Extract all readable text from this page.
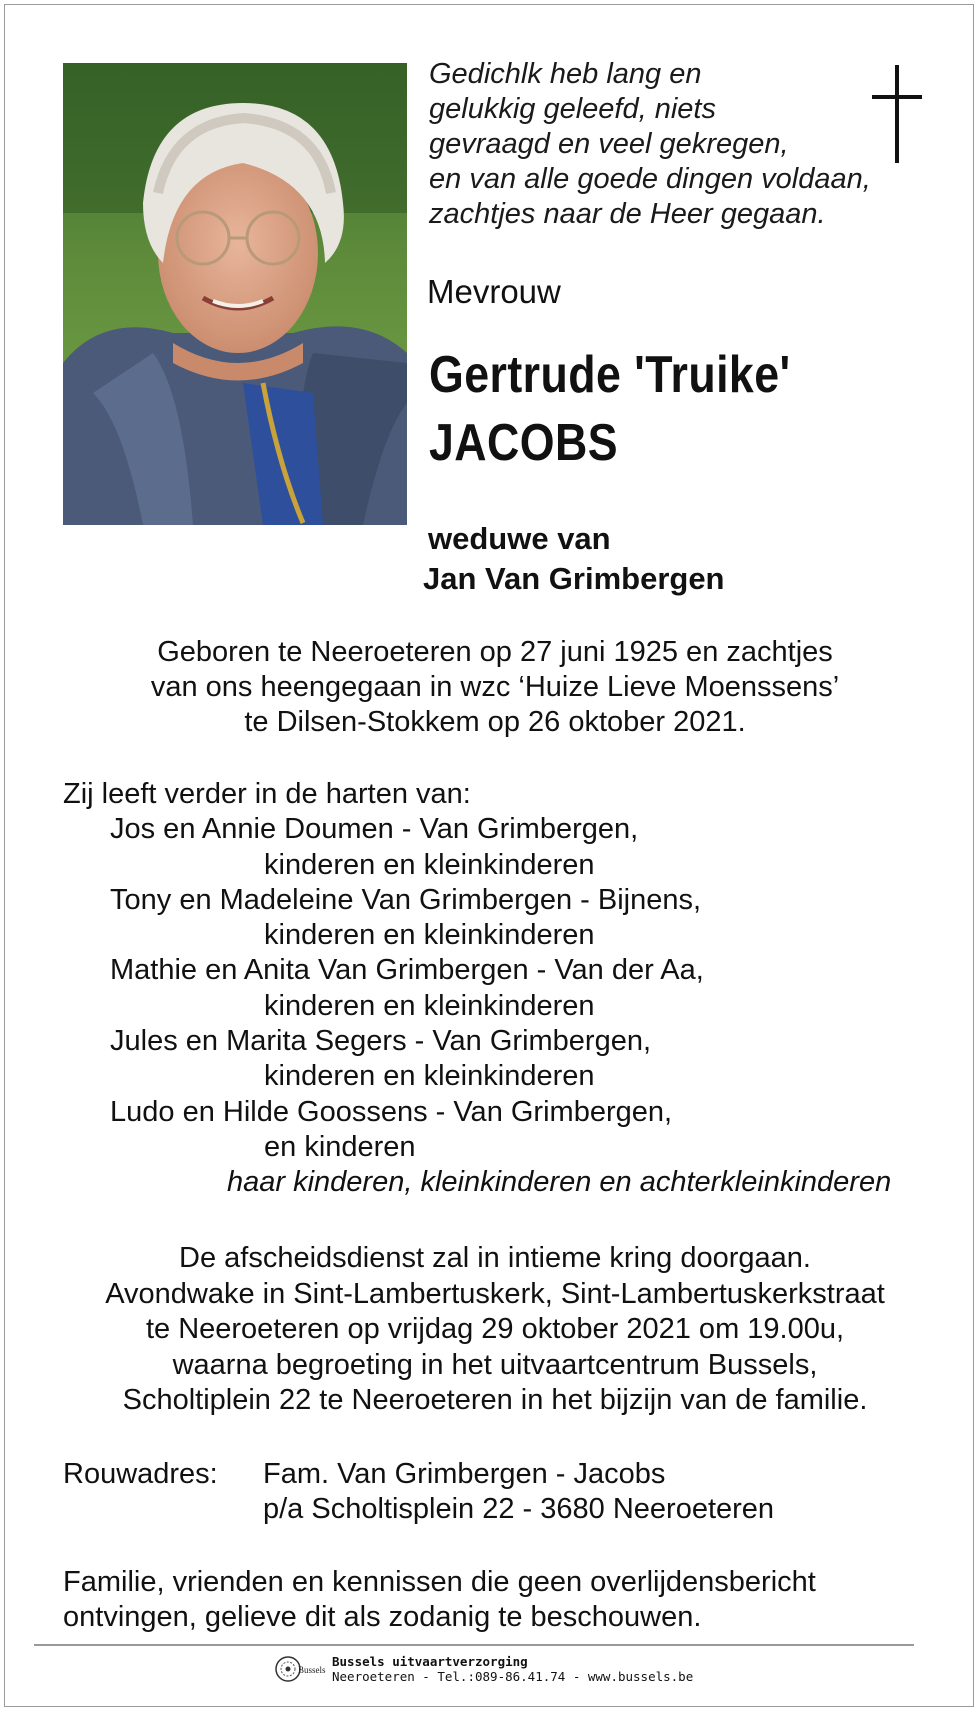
Gedichlk heb lang en
gelukkig geleefd, niets
gevraagd en veel gekregen,
en van alle goede dingen voldaan,
zachtjes naar de Heer gegaan.
Mevrouw
Gertrude 'Truike'
JACOBS
weduwe van
Jan Van Grimbergen
Geboren te Neeroeteren op 27 juni 1925 en zachtjes
van ons heengegaan in wzc ‘Huize Lieve Moenssens’
te Dilsen-Stokkem op 26 oktober 2021.
Zij leeft verder in de harten van:
Jos en Annie Doumen - Van Grimbergen,
kinderen en kleinkinderen
Tony en Madeleine Van Grimbergen - Bijnens,
kinderen en kleinkinderen
Mathie en Anita Van Grimbergen - Van der Aa,
kinderen en kleinkinderen
Jules en Marita Segers - Van Grimbergen,
kinderen en kleinkinderen
Ludo en Hilde Goossens - Van Grimbergen,
en kinderen
haar kinderen, kleinkinderen en achterkleinkinderen
De afscheidsdienst zal in intieme kring doorgaan.
Avondwake in Sint-Lambertuskerk, Sint-Lambertuskerkstraat
te Neeroeteren op vrijdag 29 oktober 2021 om 19.00u,
waarna begroeting in het uitvaartcentrum Bussels,
Scholtiplein 22 te Neeroeteren in het bijzijn van de familie.
Rouwadres:	Fam. Van Grimbergen - Jacobs
p/a Scholtisplein 22 - 3680 Neeroeteren
Familie, vrienden en kennissen die geen overlijdensbericht
ontvingen, gelieve dit als zodanig te beschouwen.
Bussels
Bussels uitvaartverzorging
Neeroeteren - Tel.:089-86.41.74 - www.bussels.be
